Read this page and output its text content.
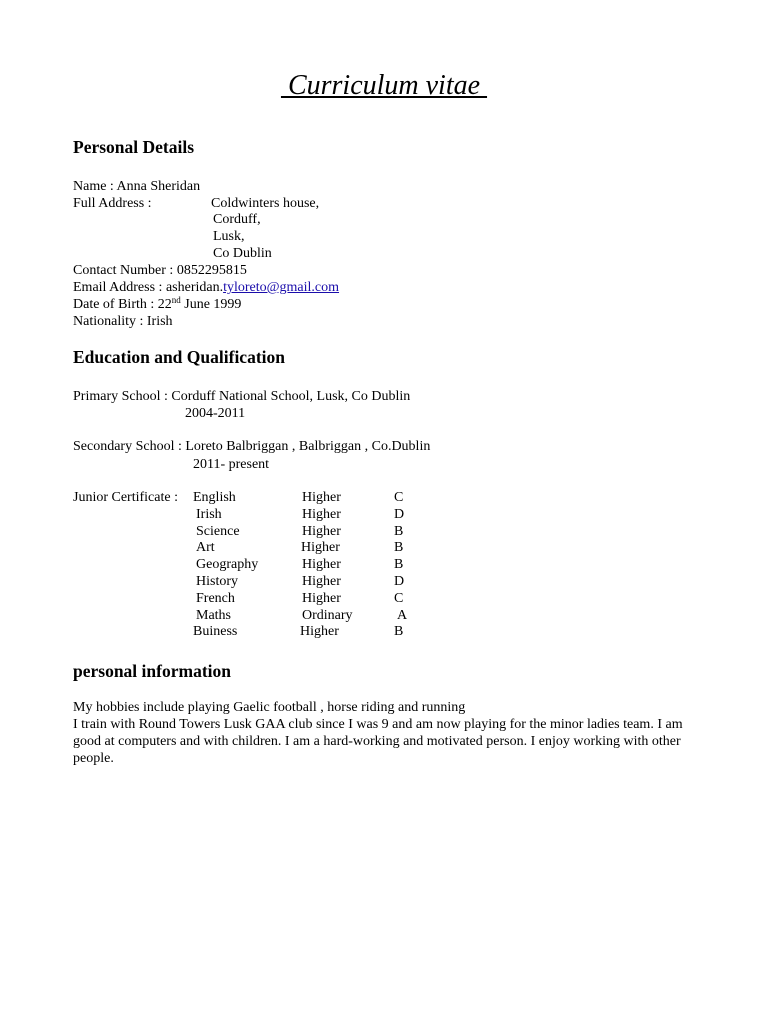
Curriculum vitae
Personal Details
Name : Anna Sheridan
Full Address :	Coldwinters house,
Corduff,
Lusk,
Co Dublin
Contact Number : 0852295815
Email Address : asheridan.tyloreto@gmail.com
Date of Birth : 22nd June 1999
Nationality : Irish
Education and Qualification
Primary School : Corduff National School, Lusk, Co Dublin
2004-2011
Secondary School : Loreto Balbriggan , Balbriggan , Co.Dublin
2011- present
Junior Certificate : English	Higher	C
Irish	Higher	D
Science	Higher	B
Art	Higher	B
Geography	Higher	B
History	Higher	D
French	Higher	C
Maths	Ordinary	A
Buiness	Higher	B
personal information
My hobbies include playing Gaelic football , horse riding and running
I train with Round Towers Lusk GAA club since I was 9 and am now playing for the minor ladies team. I am good at computers and with children. I am a hard-working and motivated person. I enjoy working with other people.
